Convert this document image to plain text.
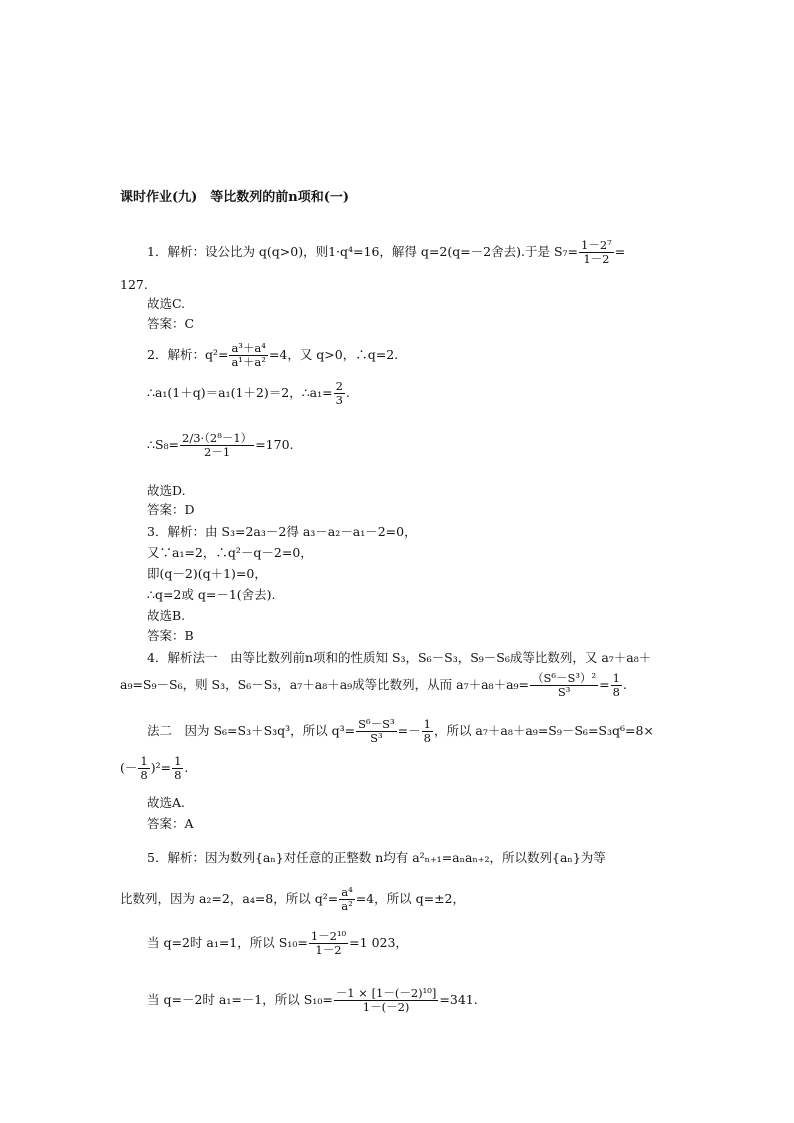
课时作业(九)　等比数列的前n项和(一)
1．解析：设公比为 q(q>0)，则1·q⁴=16，解得 q=2(q=－2舍去).于是 $S_7= \frac{\text{1－2⁷}}{1-2}$ =
127.
故选C.
答案：C
2．解析：$q^2= \frac{\text{a³＋a⁴}}{\text{a¹＋a²}} =4$，又 q>0，∴q=2.
∴a₁(1＋q)＝a₁(1＋2)＝2，∴a₁= $\frac{2}{3}$ .
∴S₈= $\frac{\text{2/3·（2⁸－1）}}{2-1} =170$.
故选D.
答案：D
3．解析：由 S₃=2a₃－2得 a₃－a₂－a₁－2=0，
又∵a₁=2，∴q²－q－2=0，
即(q－2)(q＋1)=0，
∴q=2或 q=－1(舍去).
故选B.
答案：B
4．解析法一　由等比数列前n项和的性质知 S₃，S₆－S₃，S₉－S₆成等比数列，又 a₇＋a₈＋
a₉=S₉－S₆，则 S₃，S₆－S₃，a₇＋a₈＋a₉成等比数列，从而 $a_7+a_8+a_9= \frac{\text{（S⁶－S³）²}}{\text{S³}} = \frac{1}{8}$ .
法二　因为 S₆=S₃＋S₃q³，所以 $q^3= \frac{\text{S⁶－S³}}{\text{S³}} =- \frac{1}{8}$ ，所以 a₇＋a₈＋a₉=S₉－S₆=S₃q⁶=8×
(－ $\frac{1}{8} )^2= \frac{1}{8}$ .
故选A.
答案：A
5．解析：因为数列{aₙ}对任意的正整数 n均有 a²ₙ₊₁=aₙaₙ₊₂，所以数列{aₙ}为等
比数列，因为 a₂=2，a₄=8，所以 $q^2= \frac{\text{a⁴}}{\text{a²}} =4$，所以 q=±2，
当 q=2时 a₁=1，所以 $S_{10}= \frac{\text{1－2¹⁰}}{1-2} =1$ 023，
当 q=－2时 a₁=－1，所以 $S_{10}= \frac{\text{－1 × [1－(－2)¹⁰]}}{1-(-2)} =341$.
